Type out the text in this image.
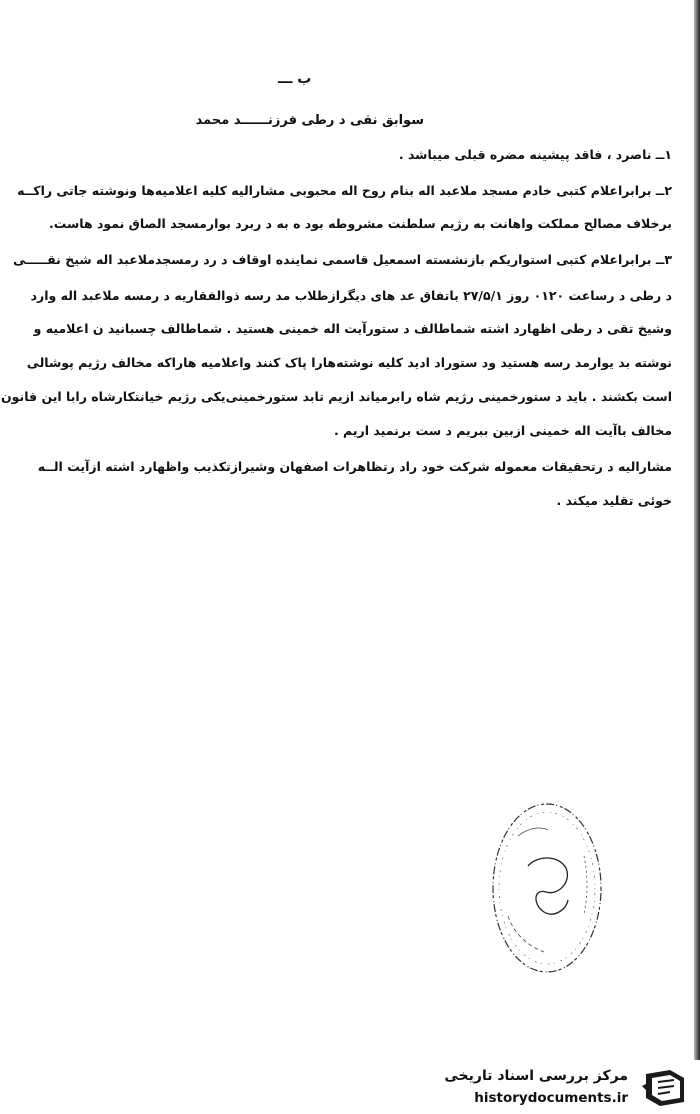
ب ـــ
سوابق نقی د رطی فرزنــــــد محمد
۱ــ ناصرد ، فاقد پیشینه مضره قبلی میباشد .
۲ــ برابراعلام کتبی خادم مسجد ملاعبد اله بنام روح اله محبوبی مشارالیه کلیه اعلامیه‌ها ونوشته جاتی راکــه
برخلاف مصالح مملکت واهانت به رژیم سلطنت مشروطه بود ه به د ربرد بوارمسجد الصاق نمود هاست.
۳ــ برابراعلام کتبی استواریکم بازنشسته اسمعیل قاسمی نماینده اوقاف د رد رمسجدملاعبد اله شیخ نقـــــی
د رطی د رساعت ۰۱۲۰ روز ۲۷/۵/۱ باتفاق عد های دیگرازطلاب مد رسه ذوالفقاریه د رمسه ملاعبد اله وارد
وشیخ تقی د رطی اظهارد اشته شماطالف د ستورآیت اله خمینی هستید . شماطالف چسبانید ن اعلامیه و
نوشته بد یوارمد رسه هستید ود ستوراد ادید کلیه نوشته‌هارا پاک کنند واعلامیه هاراکه مخالف رژیم پوشالی
است بکشند . باید د ستورخمینی رژیم شاه رابرمیاند ازیم تابد ستورخمینی‌یکی رژیم خیانتکارشاه رابا این قانون
مخالف باآیت اله خمینی ازبین ببریم د ست برنمید اریم .
مشارالیه د رتحقیقات معموله شرکت خود راد رتظاهرات اصفهان وشیرازتکذیب واظهارد اشته ازآیت الــه
خوئی تقلید میکند .
مرکز بررسی اسناد تاریخی
historydocuments.ir
